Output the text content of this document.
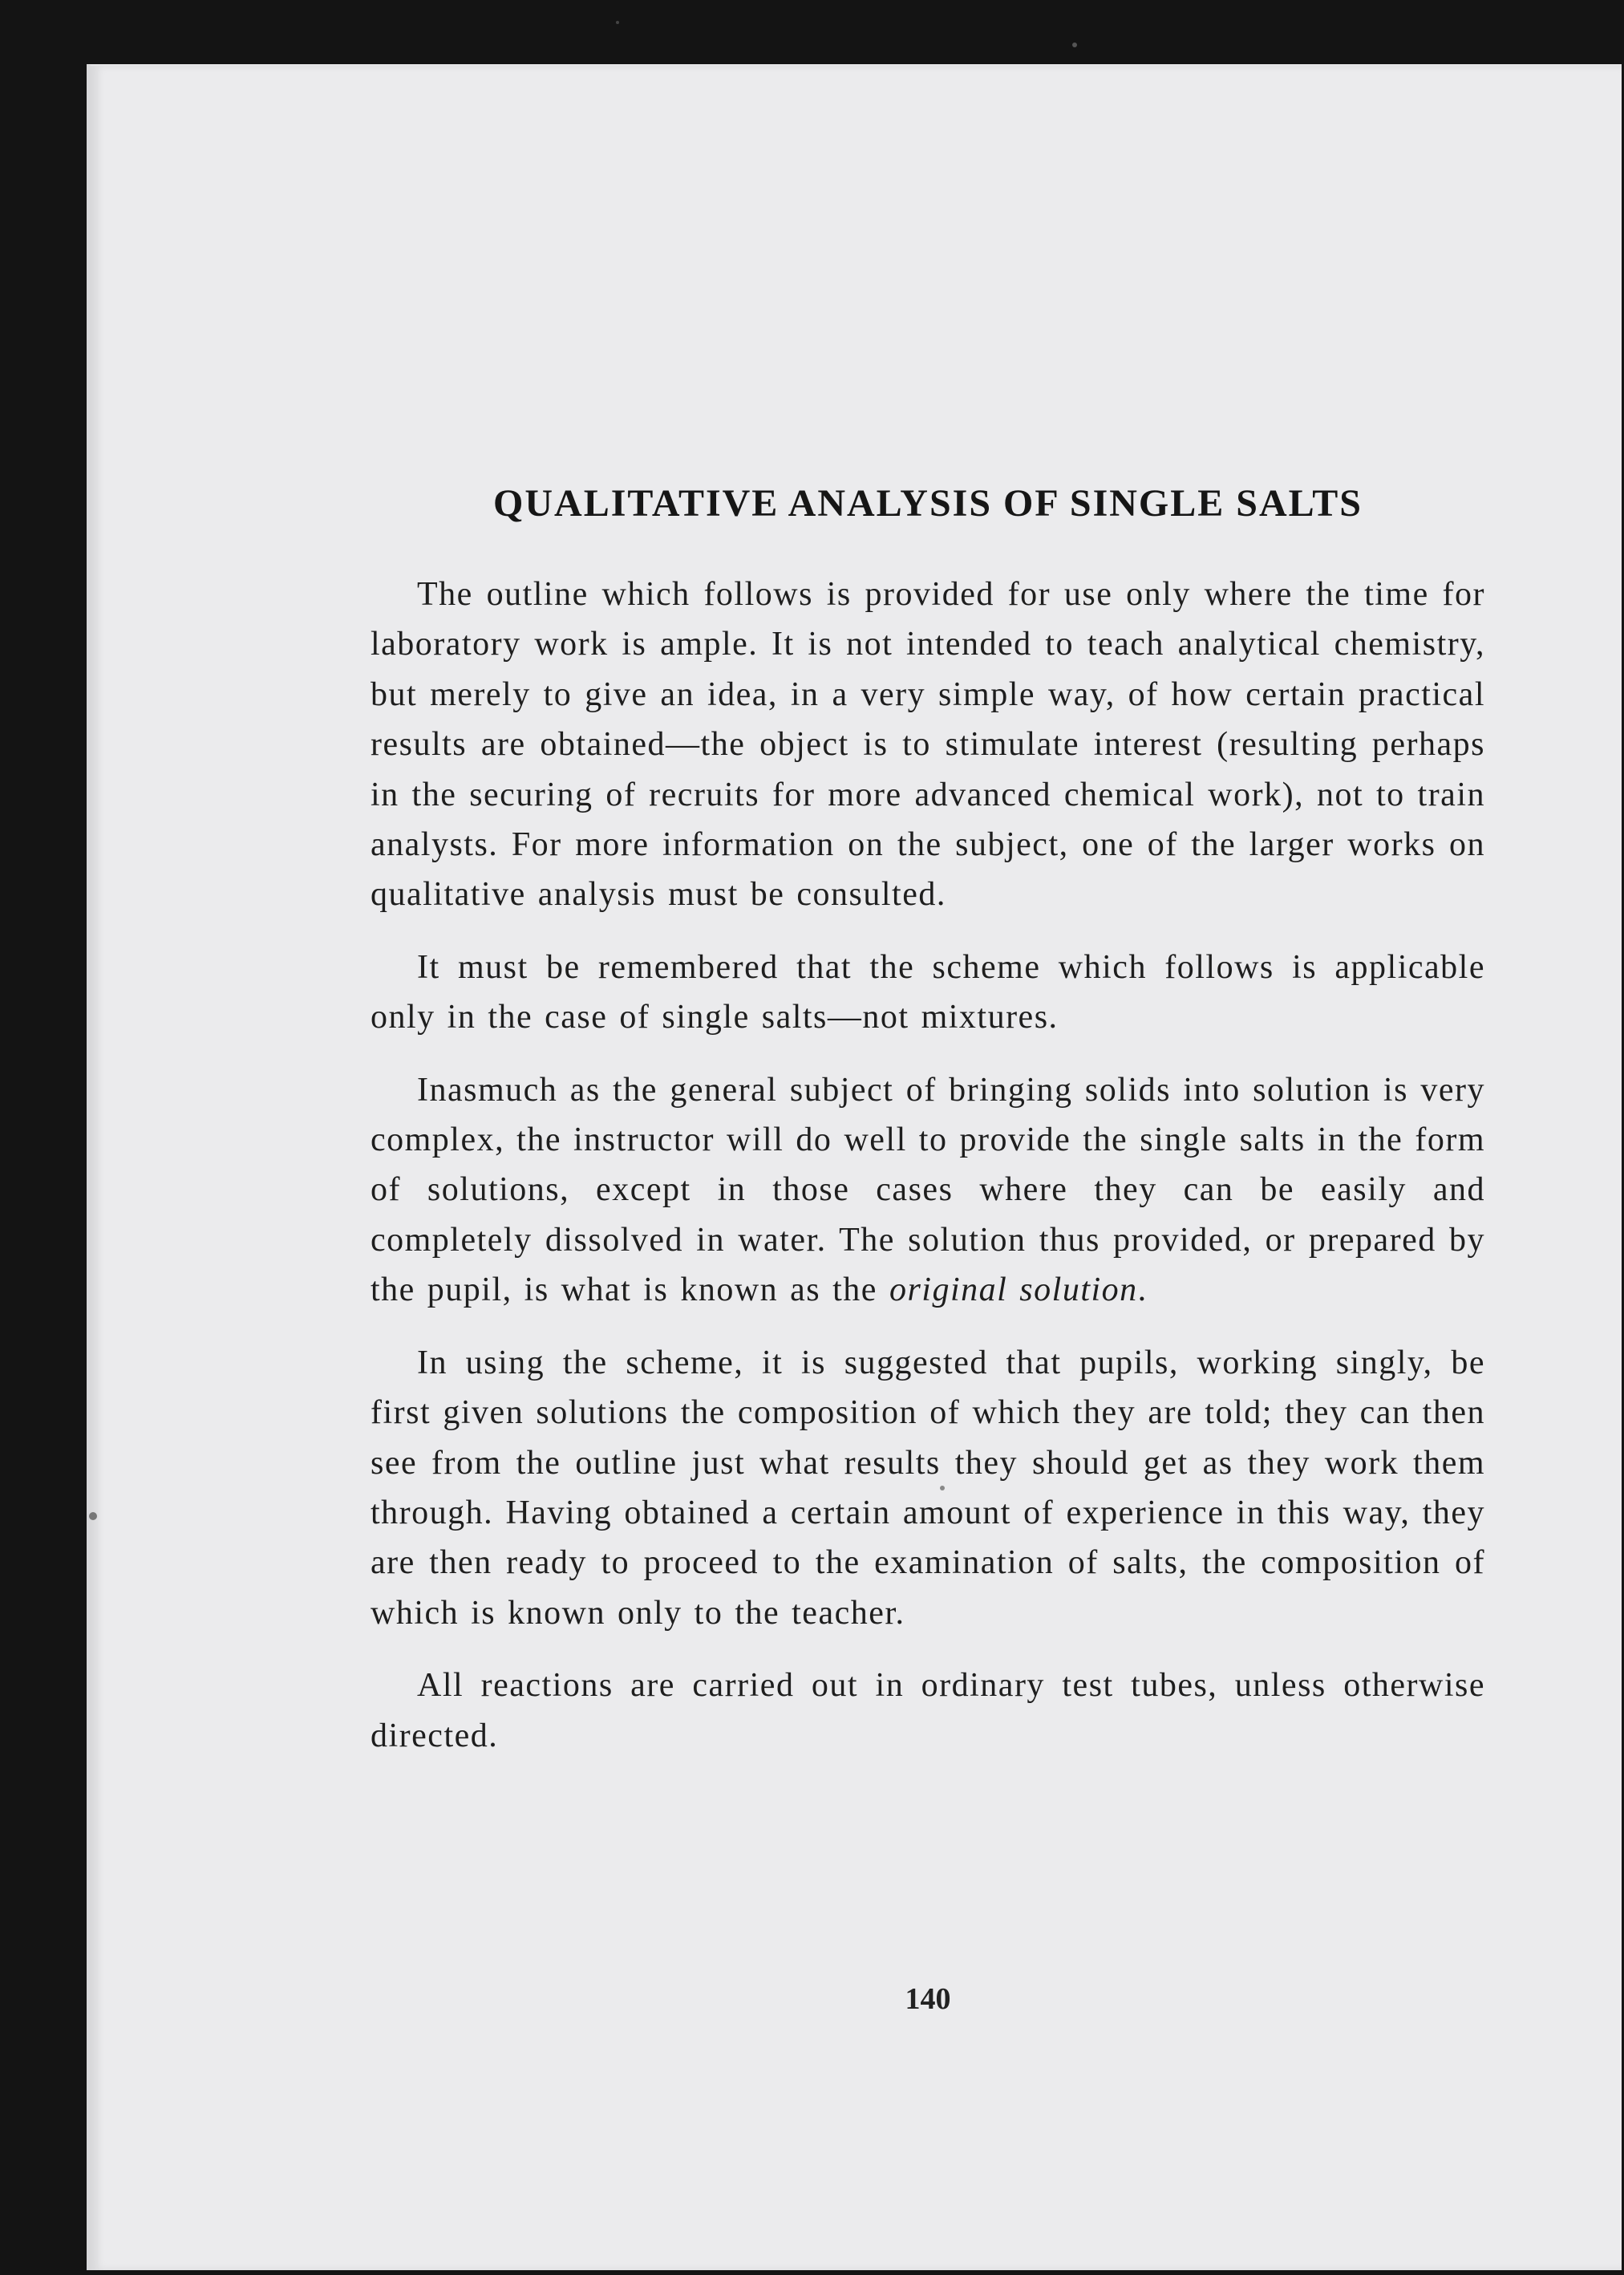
QUALITATIVE ANALYSIS OF SINGLE SALTS

The outline which follows is provided for use only where the time for laboratory work is ample. It is not intended to teach analytical chemistry, but merely to give an idea, in a very simple way, of how certain practical results are obtained—the object is to stimulate interest (resulting perhaps in the securing of recruits for more advanced chemical work), not to train analysts. For more information on the subject, one of the larger works on qualitative analysis must be consulted.

It must be remembered that the scheme which follows is applicable only in the case of single salts—not mixtures.

Inasmuch as the general subject of bringing solids into solution is very complex, the instructor will do well to provide the single salts in the form of solutions, except in those cases where they can be easily and completely dissolved in water. The solution thus provided, or prepared by the pupil, is what is known as the original solution.

In using the scheme, it is suggested that pupils, working singly, be first given solutions the composition of which they are told; they can then see from the outline just what results they should get as they work them through. Having obtained a certain amount of experience in this way, they are then ready to proceed to the examination of salts, the composition of which is known only to the teacher.

All reactions are carried out in ordinary test tubes, unless otherwise directed.

140
